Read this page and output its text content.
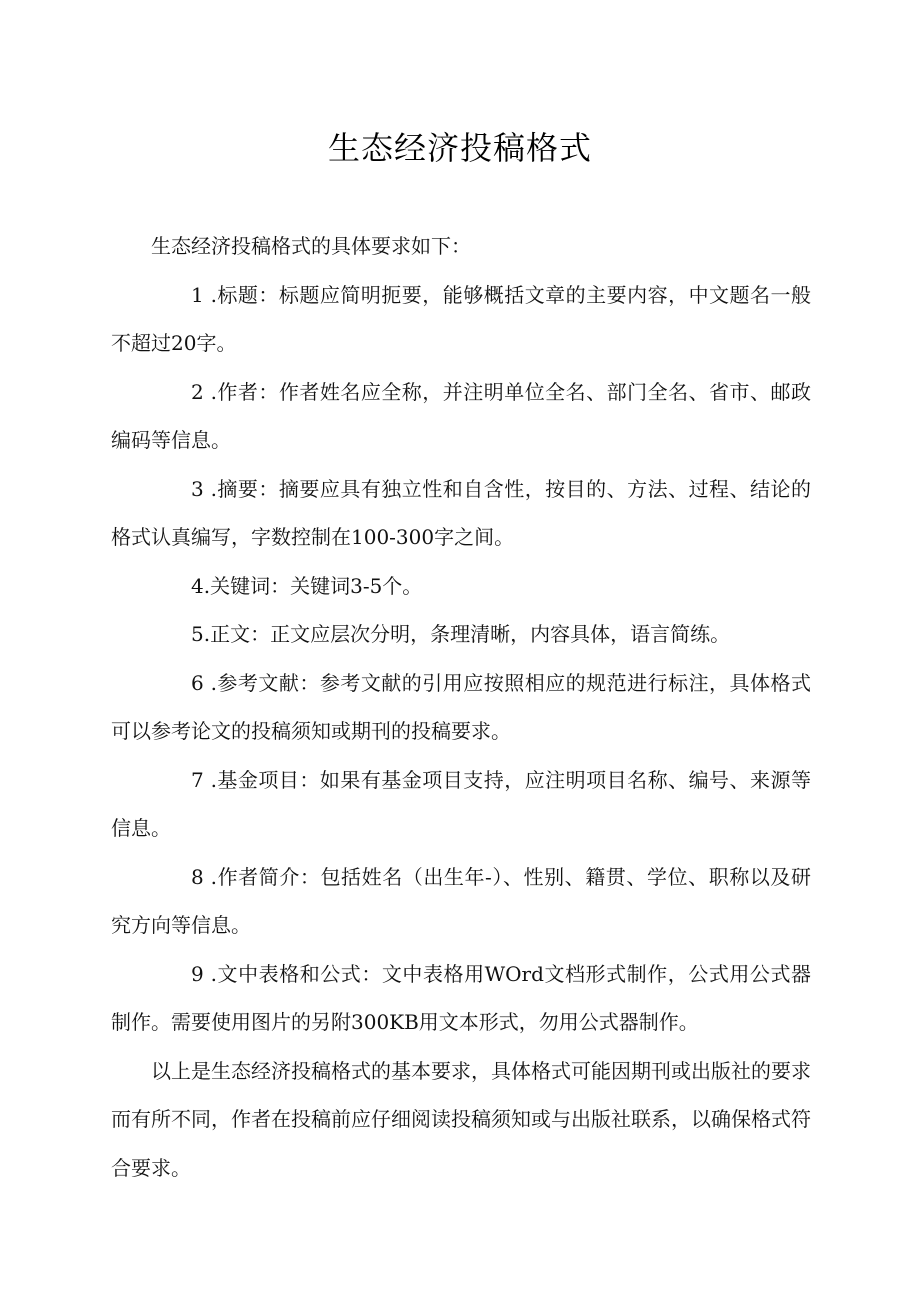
生态经济投稿格式

生态经济投稿格式的具体要求如下：

1 .标题：标题应简明扼要，能够概括文章的主要内容，中文题名一般不超过20字。

2 .作者：作者姓名应全称，并注明单位全名、部门全名、省市、邮政编码等信息。

3 .摘要：摘要应具有独立性和自含性，按目的、方法、过程、结论的格式认真编写，字数控制在100-300字之间。

4.关键词：关键词3-5个。

5.正文：正文应层次分明，条理清晰，内容具体，语言简练。

6 .参考文献：参考文献的引用应按照相应的规范进行标注，具体格式可以参考论文的投稿须知或期刊的投稿要求。

7 .基金项目：如果有基金项目支持，应注明项目名称、编号、来源等信息。

8 .作者简介：包括姓名（出生年-）、性别、籍贯、学位、职称以及研究方向等信息。

9 .文中表格和公式：文中表格用WOrd文档形式制作，公式用公式器制作。需要使用图片的另附300KB用文本形式，勿用公式器制作。

以上是生态经济投稿格式的基本要求，具体格式可能因期刊或出版社的要求而有所不同，作者在投稿前应仔细阅读投稿须知或与出版社联系，以确保格式符合要求。
